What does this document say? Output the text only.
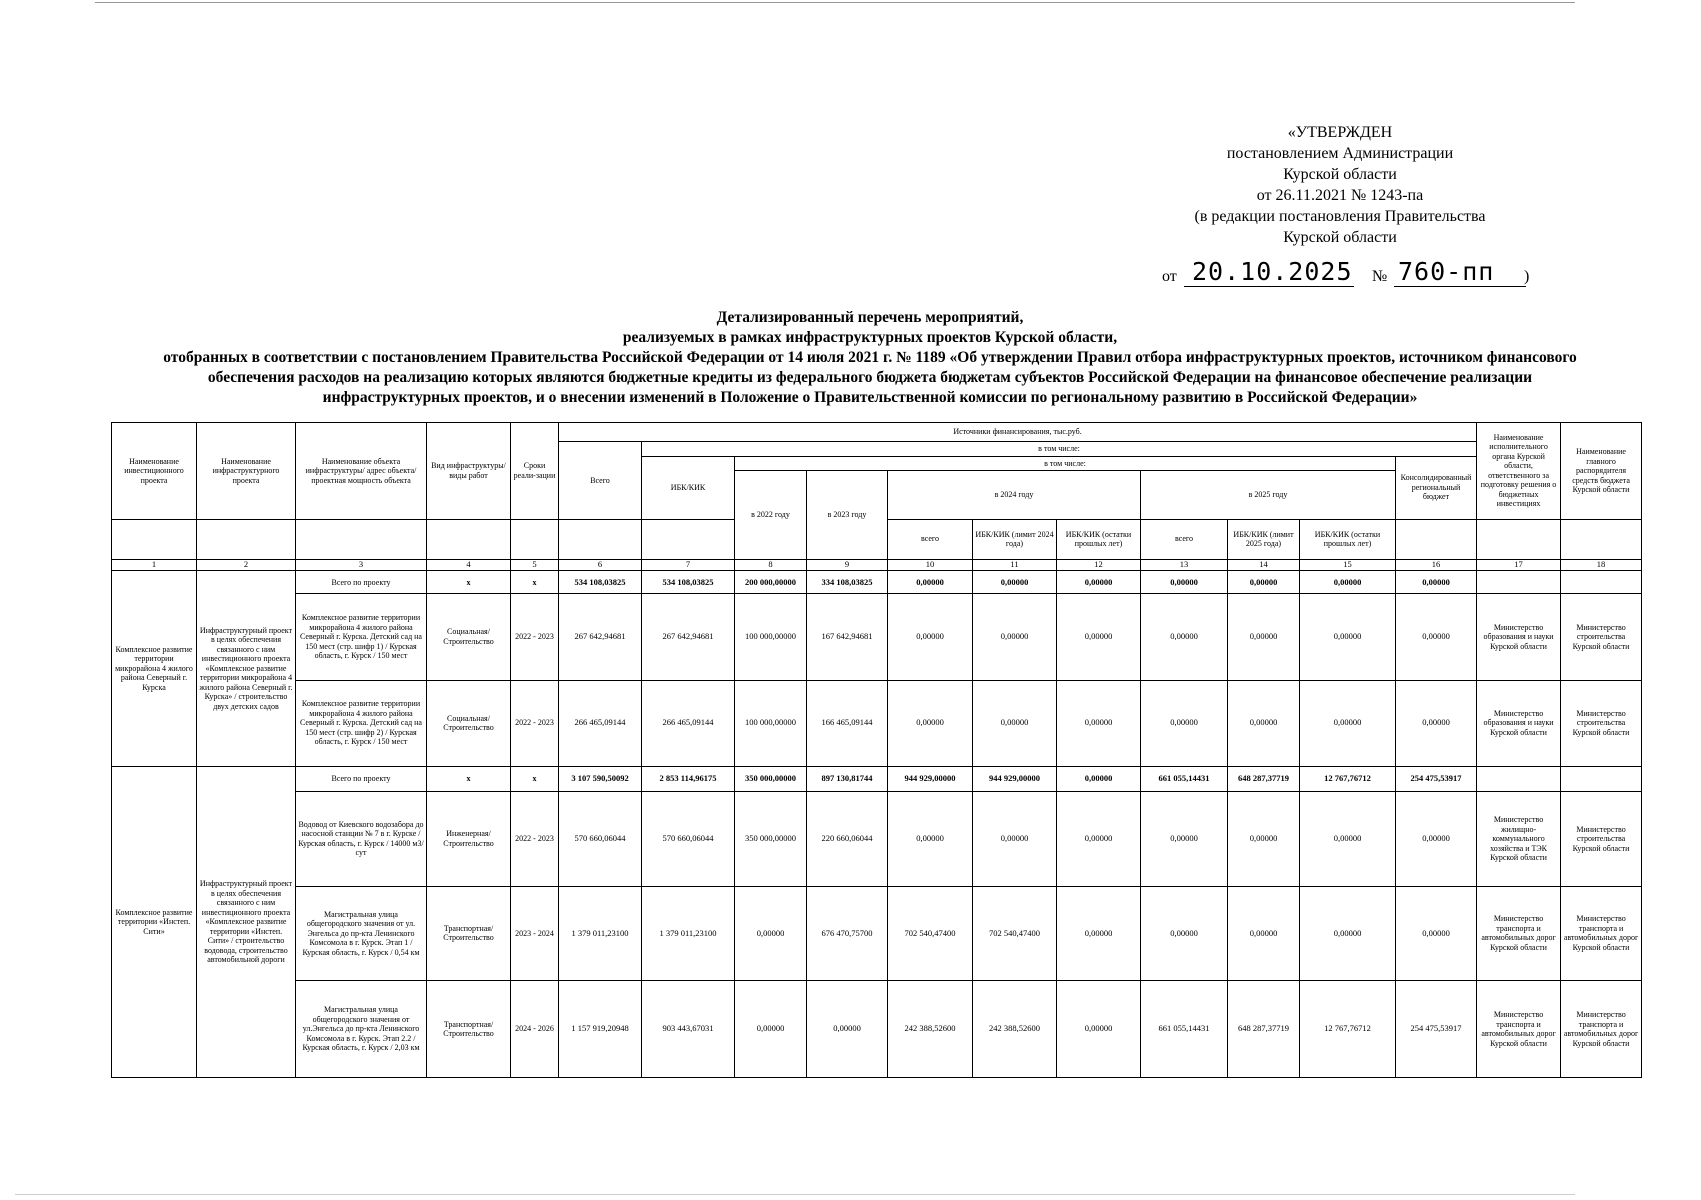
«УТВЕРЖДЕН
постановлением Администрации
Курской области
от 26.11.2021 № 1243-па
(в редакции постановления Правительства
Курской области
от 20.10.2025 № 760-пп )
Детализированный перечень мероприятий,
реализуемых в рамках инфраструктурных проектов Курской области,
отобранных в соответствии с постановлением Правительства Российской Федерации от 14 июля 2021 г. № 1189 «Об утверждении Правил отбора инфраструктурных проектов, источником финансового
обеспечения расходов на реализацию которых являются бюджетные кредиты из федерального бюджета бюджетам субъектов Российской Федерации на финансовое обеспечение реализации
инфраструктурных проектов, и о внесении изменений в Положение о Правительственной комиссии по региональному развитию в Российской Федерации»
Наименование инвестиционного проекта	Наименование инфраструктурного проекта	Наименование объекта инфраструктуры/ адрес объекта/ проектная мощность объекта	Вид инфраструктуры/ виды работ	Сроки реали-зации	Источники финансирования, тыс.руб.											Наименование исполнительного органа Курской области, ответственного за подготовку решения о бюджетных инвестициях	Наименование главного распорядителя средств бюджета Курской области
					Всего	в том числе:											
						ИБК/КИК	в том числе:								Консолидированный региональный бюджет		
							в 2022 году	в 2023 году	в 2024 году			в 2025 году					
									всего	ИБК/КИК (лимит 2024 года)	ИБК/КИК (остатки прошлых лет)	всего	ИБК/КИК (лимит 2025 года)	ИБК/КИК (остатки прошлых лет)			
1	2	3	4	5	6	7	8	9	10	11	12	13	14	15	16	17	18
Комплексное развитие территории микрорайона 4 жилого района Северный г. Курска	Инфраструктурный проект в целях обеспечения связанного с ним инвестиционного проекта «Комплексное развитие территории микрорайона 4 жилого района Северный г. Курска» / строительство двух детских садов	Всего по проекту	x	x	534 108,03825	534 108,03825	200 000,00000	334 108,03825	0,00000	0,00000	0,00000	0,00000	0,00000	0,00000	0,00000		
		Комплексное развитие территории микрорайона 4 жилого района Северный г. Курска. Детский сад на 150 мест (стр. шифр 1) / Курская область, г. Курск / 150 мест	Социальная/ Строительство	2022 - 2023	267 642,94681	267 642,94681	100 000,00000	167 642,94681	0,00000	0,00000	0,00000	0,00000	0,00000	0,00000	0,00000	Министерство образования и науки Курской области	Министерство строительства Курской области
		Комплексное развитие территории микрорайона 4 жилого района Северный г. Курска. Детский сад на 150 мест (стр. шифр 2) / Курская область, г. Курск / 150 мест	Социальная/ Строительство	2022 - 2023	266 465,09144	266 465,09144	100 000,00000	166 465,09144	0,00000	0,00000	0,00000	0,00000	0,00000	0,00000	0,00000	Министерство образования и науки Курской области	Министерство строительства Курской области
Комплексное развитие территории «Инстеп. Сити»	Инфраструктурный проект в целях обеспечения связанного с ним инвестиционного проекта «Комплексное развитие территории «Инстеп. Сити» / строительство водовода, строительство автомобильной дороги	Всего по проекту	x	x	3 107 590,50092	2 853 114,96175	350 000,00000	897 130,81744	944 929,00000	944 929,00000	0,00000	661 055,14431	648 287,37719	12 767,76712	254 475,53917		
		Водовод от Киевского водозабора до насосной станции № 7 в г. Курске / Курская область, г. Курск / 14000 м3/сут	Инженерная/ Строительство	2022 - 2023	570 660,06044	570 660,06044	350 000,00000	220 660,06044	0,00000	0,00000	0,00000	0,00000	0,00000	0,00000	0,00000	Министерство жилищно-коммунального хозяйства и ТЭК Курской области	Министерство строительства Курской области
		Магистральная улица общегородского значения от ул. Энгельса до пр-кта Ленинского Комсомола в г. Курск. Этап 1 / Курская область, г. Курск / 0,54 км	Транспортная/ Строительство	2023 - 2024	1 379 011,23100	1 379 011,23100	0,00000	676 470,75700	702 540,47400	702 540,47400	0,00000	0,00000	0,00000	0,00000	0,00000	Министерство транспорта и автомобильных дорог Курской области	Министерство транспорта и автомобильных дорог Курской области
		Магистральная улица общегородского значения от ул.Энгельса до пр-кта Ленинского Комсомола в г. Курск. Этап 2.2 / Курская область, г. Курск / 2,03 км	Транспортная/ Строительство	2024 - 2026	1 157 919,20948	903 443,67031	0,00000	0,00000	242 388,52600	242 388,52600	0,00000	661 055,14431	648 287,37719	12 767,76712	254 475,53917	Министерство транспорта и автомобильных дорог Курской области	Министерство транспорта и автомобильных дорог Курской области
